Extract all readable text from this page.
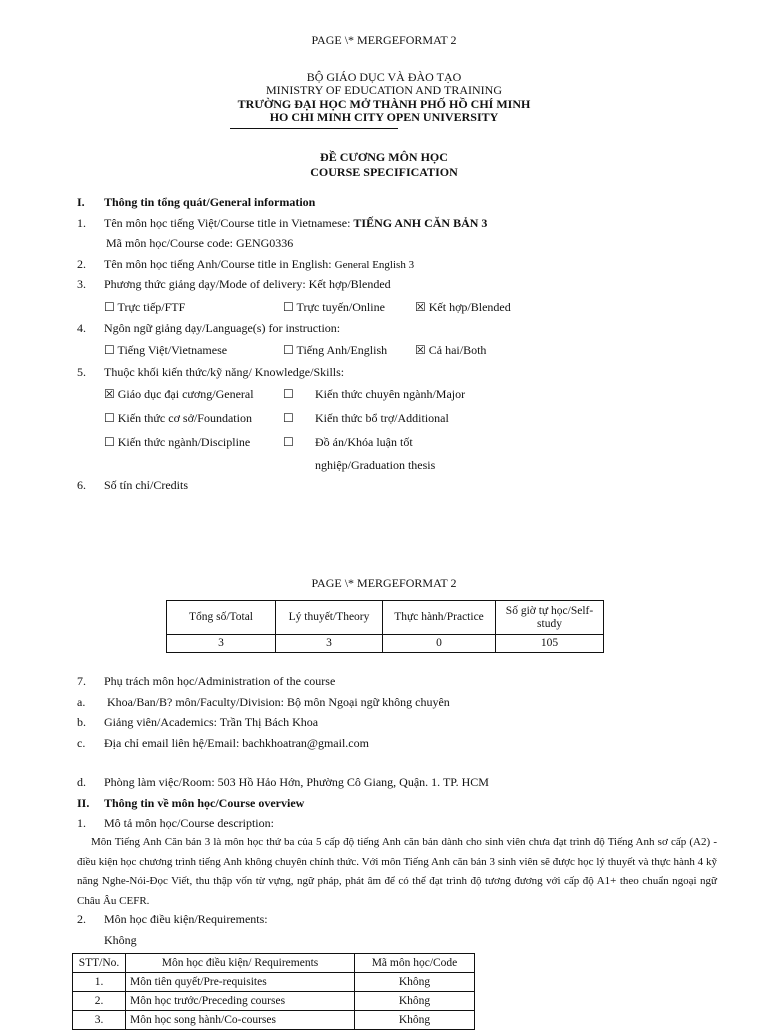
PAGE \* MERGEFORMAT 2
BỘ GIÁO DỤC VÀ ĐÀO TẠO
MINISTRY OF EDUCATION AND TRAINING
TRƯỜNG ĐẠI HỌC MỞ THÀNH PHỐ HỒ CHÍ MINH
HO CHI MINH CITY OPEN UNIVERSITY
ĐỀ CƯƠNG MÔN HỌC
COURSE SPECIFICATION
I. Thông tin tổng quát/General information
1. Tên môn học tiếng Việt/Course title in Vietnamese: TIẾNG ANH CĂN BẢN 3
Mã môn học/Course code: GENG0336
2. Tên môn học tiếng Anh/Course title in English: General English 3
3. Phương thức giảng dạy/Mode of delivery: Kết hợp/Blended
☐ Trực tiếp/FTF	☐ Trực tuyến/Online	☒ Kết hợp/Blended
4. Ngôn ngữ giảng dạy/Language(s) for instruction:
☐ Tiếng Việt/Vietnamese	☐ Tiếng Anh/English ☒ Cả hai/Both
5. Thuộc khối kiến thức/kỹ năng/ Knowledge/Skills:
☒ Giáo dục đại cương/General ☐ Kiến thức chuyên ngành/Major
☐ Kiến thức cơ sở/Foundation	☐ Kiến thức bổ trợ/Additional
☐ Kiến thức ngành/Discipline	☐ Đồ án/Khóa luận tốt
nghiệp/Graduation thesis
6. Số tín chỉ/Credits
PAGE \* MERGEFORMAT 2
Tổng số/Total	Lý thuyết/Theory	Thực hành/Practice	Số giờ tự học/Self-study
3	3	0	105
7. Phụ trách môn học/Administration of the course
a. Khoa/Ban/B? môn/Faculty/Division: Bộ môn Ngoại ngữ không chuyên
b. Giảng viên/Academics: Trần Thị Bách Khoa
c. Địa chỉ email liên hệ/Email: bachkhoatran@gmail.com
d. Phòng làm việc/Room: 503 Hồ Hảo Hớn, Phường Cô Giang, Quận. 1. TP. HCM
II. Thông tin về môn học/Course overview
1. Mô tả môn học/Course description:
Môn Tiếng Anh Căn bản 3 là môn học thứ ba của 5 cấp độ tiếng Anh căn bản dành cho sinh viên chưa đạt trình độ Tiếng Anh sơ cấp (A2) - điều kiện học chương trình tiếng Anh không chuyên chính thức. Với môn Tiếng Anh căn bản 3 sinh viên sẽ được học lý thuyết và thực hành 4 kỹ năng Nghe-Nói-Đọc Viết, thu thập vốn từ vựng, ngữ pháp, phát âm để có thể đạt trình độ tương đương với cấp độ A1+ theo chuẩn ngoại ngữ Châu Âu CEFR.
2. Môn học điều kiện/Requirements:
Không
STT/No.	Môn học điều kiện/ Requirements	Mã môn học/Code
1.	Môn tiên quyết/Pre-requisites	Không
2.	Môn học trước/Preceding courses	Không
3.	Môn học song hành/Co-courses	Không
